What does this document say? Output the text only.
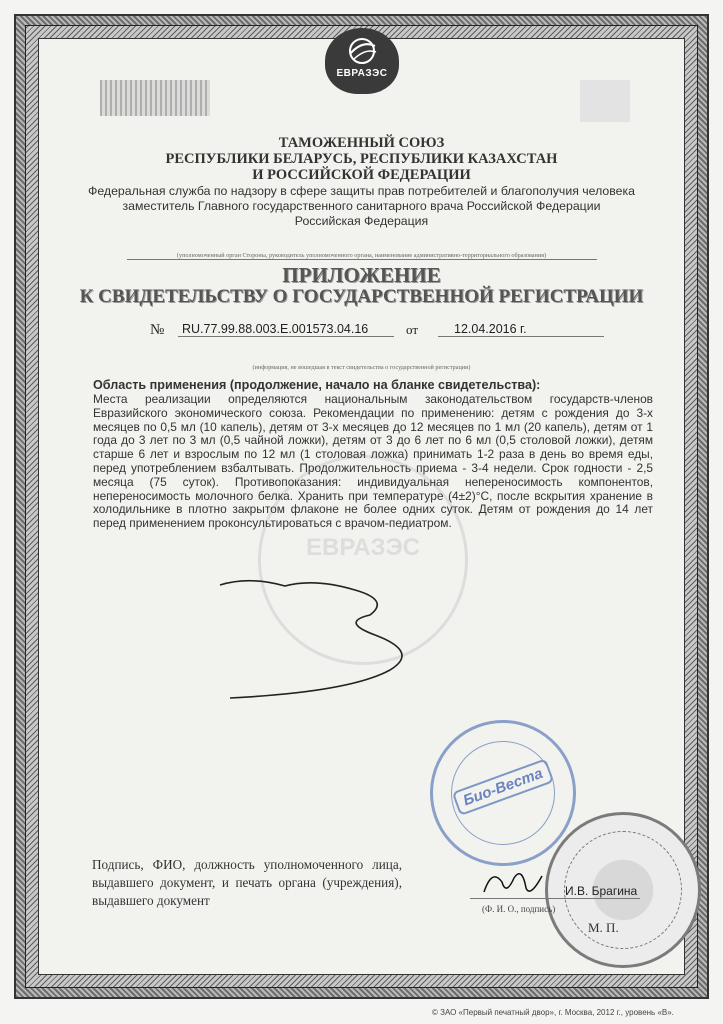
ЕВРАЗЭС
ТАМОЖЕННЫЙ СОЮЗ
РЕСПУБЛИКИ БЕЛАРУСЬ, РЕСПУБЛИКИ КАЗАХСТАН
И РОССИЙСКОЙ ФЕДЕРАЦИИ
Федеральная служба по надзору в сфере защиты прав потребителей и благополучия человека
заместитель Главного государственного санитарного врача Российской Федерации
Российская Федерация
(уполномоченный орган Стороны, руководитель уполномоченного органа, наименование административно-территориального образования)
ПРИЛОЖЕНИЕ
К СВИДЕТЕЛЬСТВУ О ГОСУДАРСТВЕННОЙ РЕГИСТРАЦИИ
№	RU.77.99.88.003.E.001573.04.16	от	12.04.2016 г.
(информация, не вошедшая в текст свидетельства о государственной регистрации)
ЕВРАЗЭС
Область применения (продолжение, начало на бланке свидетельства):
Места реализации определяются национальным законодательством государств-членов Евразийского экономического союза. Рекомендации по применению: детям с рождения до 3-х месяцев по 0,5 мл (10 капель), детям от 3-х месяцев до 12 месяцев по 1 мл (20 капель), детям от 1 года до 3 лет по 3 мл (0,5 чайной ложки), детям от 3 до 6 лет по 6 мл (0,5 столовой ложки), детям старше 6 лет и взрослым по 12 мл (1 столовая ложка) принимать 1-2 раза в день во время еды, перед употреблением взбалтывать. Продолжительность приема - 3-4 недели. Срок годности - 2,5 месяца (75 суток). Противопоказания: индивидуальная непереносимость компонентов, непереносимость молочного белка. Хранить при температуре (4±2)°С, после вскрытия хранение в холодильнике в плотно закрытом флаконе не более одних суток. Детям от рождения до 14 лет перед применением проконсультироваться с врачом-педиатром.
Био-Веста
Подпись, ФИО, должность уполномоченного лица, выдавшего документ, и печать органа (учреждения), выдавшего документ
И.В. Брагина
(Ф. И. О., подпись)
М. П.
© ЗАО «Первый печатный двор», г. Москва, 2012 г., уровень «В».
